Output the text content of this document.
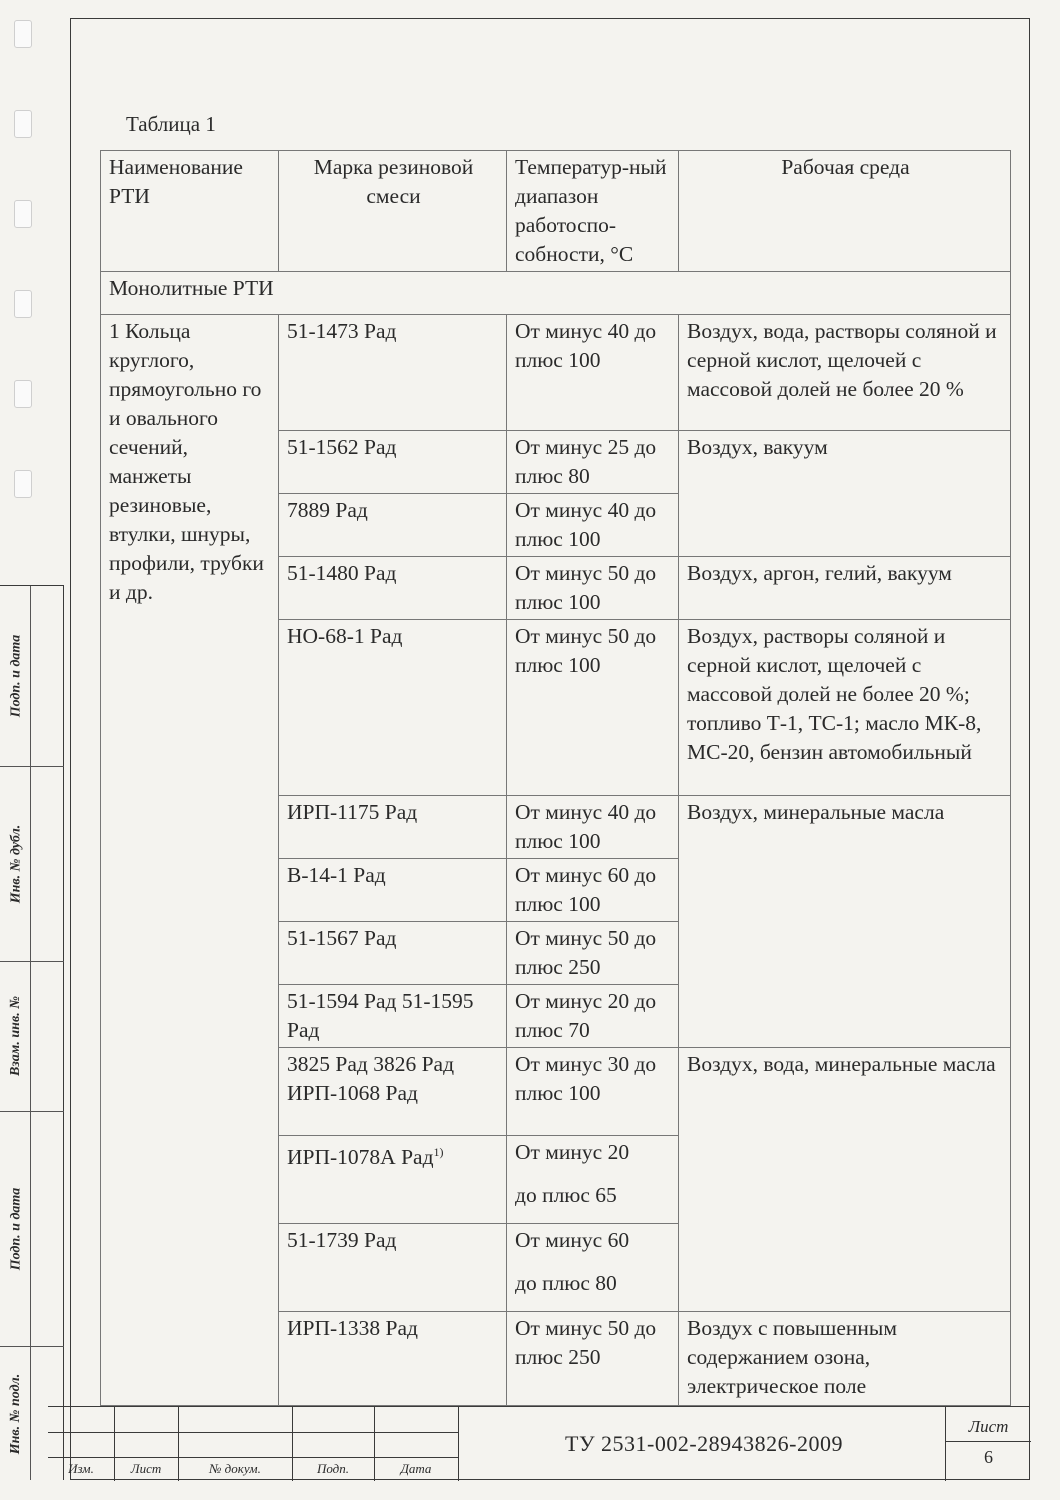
Подп. и дата
Инв. № дубл.
Взам. инв. №
Подп. и дата
Инв. № подл.
Таблица 1
Наименование РТИ	Марка резиновой смеси	Температур-ный диапазон работоспо-собности, °С	Рабочая среда
Монолитные РТИ			
1 Кольца круглого, прямоугольно го и овального сечений, манжеты резиновые, втулки, шнуры, профили, трубки и др.	51-1473 Рад	От минус 40 до плюс 100	Воздух, вода, растворы соляной и серной кислот, щелочей с массовой долей не более 20 %
	51-1562 Рад	От минус 25 до плюс 80	Воздух, вакуум
	7889 Рад	От минус 40 до плюс 100	
	51-1480 Рад	От минус 50 до плюс 100	Воздух, аргон, гелий, вакуум
	НО-68-1 Рад	От минус 50 до плюс 100	Воздух, растворы соляной и серной кислот, щелочей с массовой долей не более 20 %; топливо Т-1, ТС-1; масло МК-8, МС-20, бензин автомобильный
	ИРП-1175 Рад	От минус 40 до плюс 100	Воздух, минеральные масла
	В-14-1 Рад	От минус 60 до плюс 100	
	51-1567 Рад	От минус 50 до плюс 250	
	51-1594 Рад 51-1595 Рад	От минус 20 до плюс 70	
	3825 Рад 3826 Рад ИРП-1068 Рад	От минус 30 до плюс 100	Воздух, вода, минеральные масла
	ИРП-1078А Рад$^{1)}$	От минус 20
до плюс 65	

	51-1739 Рад	От минус 60
до плюс 80	

	ИРП-1338 Рад	От минус 50 до плюс 250	Воздух с повышенным содержанием озона, электрическое поле
Изм.	Лист	№ докум.	Подп.	Дата
ТУ 2531-002-28943826-2009
Лист
6
